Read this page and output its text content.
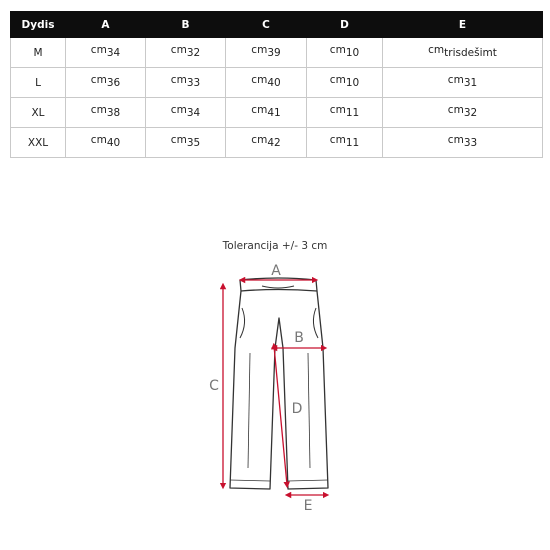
Dydis	A	B	C	D	E
M	cm34	cm32	cm39	cm10	cmtrisdešimt
L	cm36	cm33	cm40	cm10	cm31
XL	cm38	cm34	cm41	cm11	cm32
XXL	cm40	cm35	cm42	cm11	cm33
Tolerancija +/- 3 cm
A
B
C
D
E
